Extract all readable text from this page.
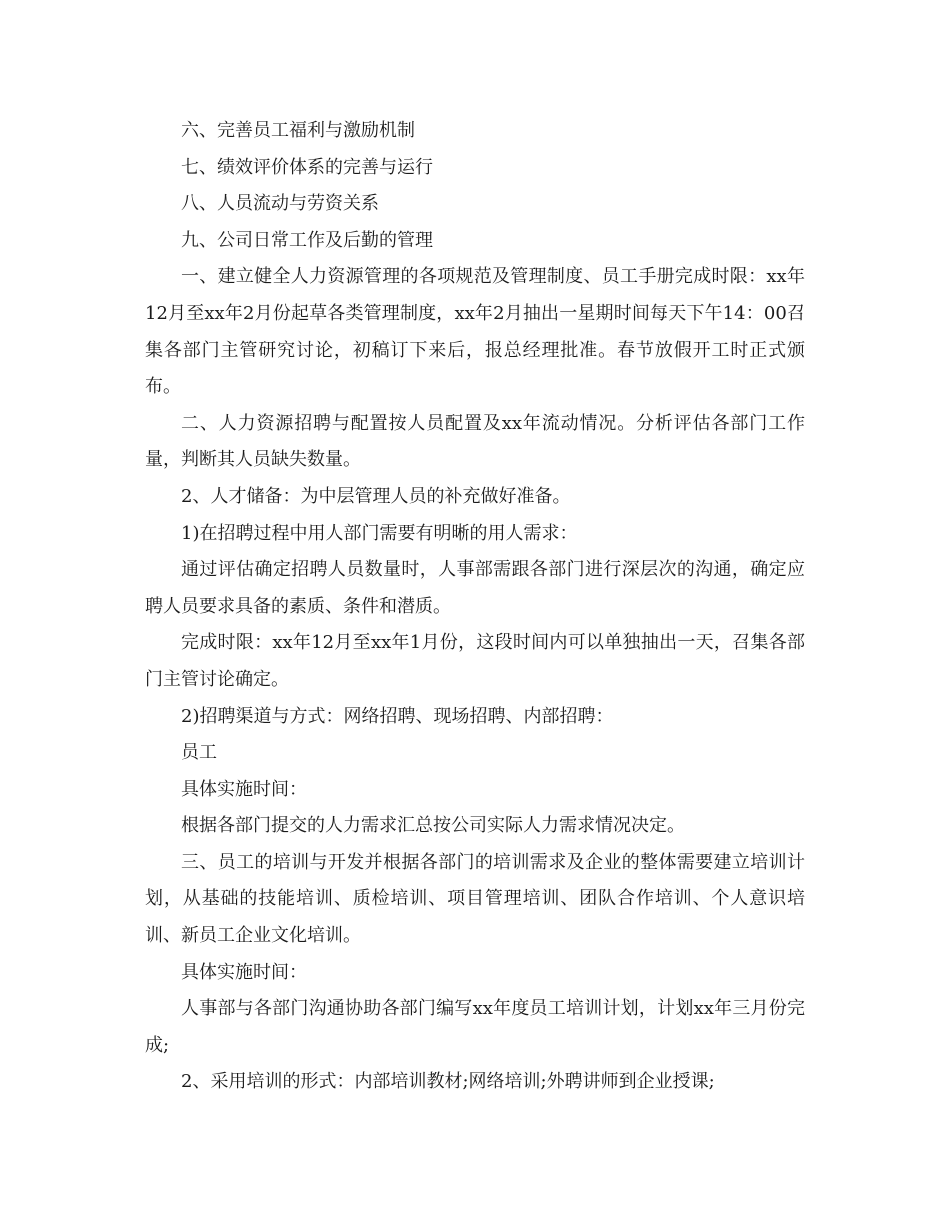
六、完善员工福利与激励机制

七、绩效评价体系的完善与运行

八、人员流动与劳资关系

九、公司日常工作及后勤的管理

一、建立健全人力资源管理的各项规范及管理制度、员工手册完成时限：xx年12月至xx年2月份起草各类管理制度，xx年2月抽出一星期时间每天下午14：00召集各部门主管研究讨论，初稿订下来后，报总经理批准。春节放假开工时正式颁布。

二、人力资源招聘与配置按人员配置及xx年流动情况。分析评估各部门工作量，判断其人员缺失数量。

2、人才储备：为中层管理人员的补充做好准备。

1)在招聘过程中用人部门需要有明晰的用人需求：

通过评估确定招聘人员数量时，人事部需跟各部门进行深层次的沟通，确定应聘人员要求具备的素质、条件和潜质。

完成时限：xx年12月至xx年1月份，这段时间内可以单独抽出一天，召集各部门主管讨论确定。

2)招聘渠道与方式：网络招聘、现场招聘、内部招聘：

员工

具体实施时间：

根据各部门提交的人力需求汇总按公司实际人力需求情况决定。

三、员工的培训与开发并根据各部门的培训需求及企业的整体需要建立培训计划，从基础的技能培训、质检培训、项目管理培训、团队合作培训、个人意识培训、新员工企业文化培训。

具体实施时间：

人事部与各部门沟通协助各部门编写xx年度员工培训计划，计划xx年三月份完成;

2、采用培训的形式：内部培训教材;网络培训;外聘讲师到企业授课;
